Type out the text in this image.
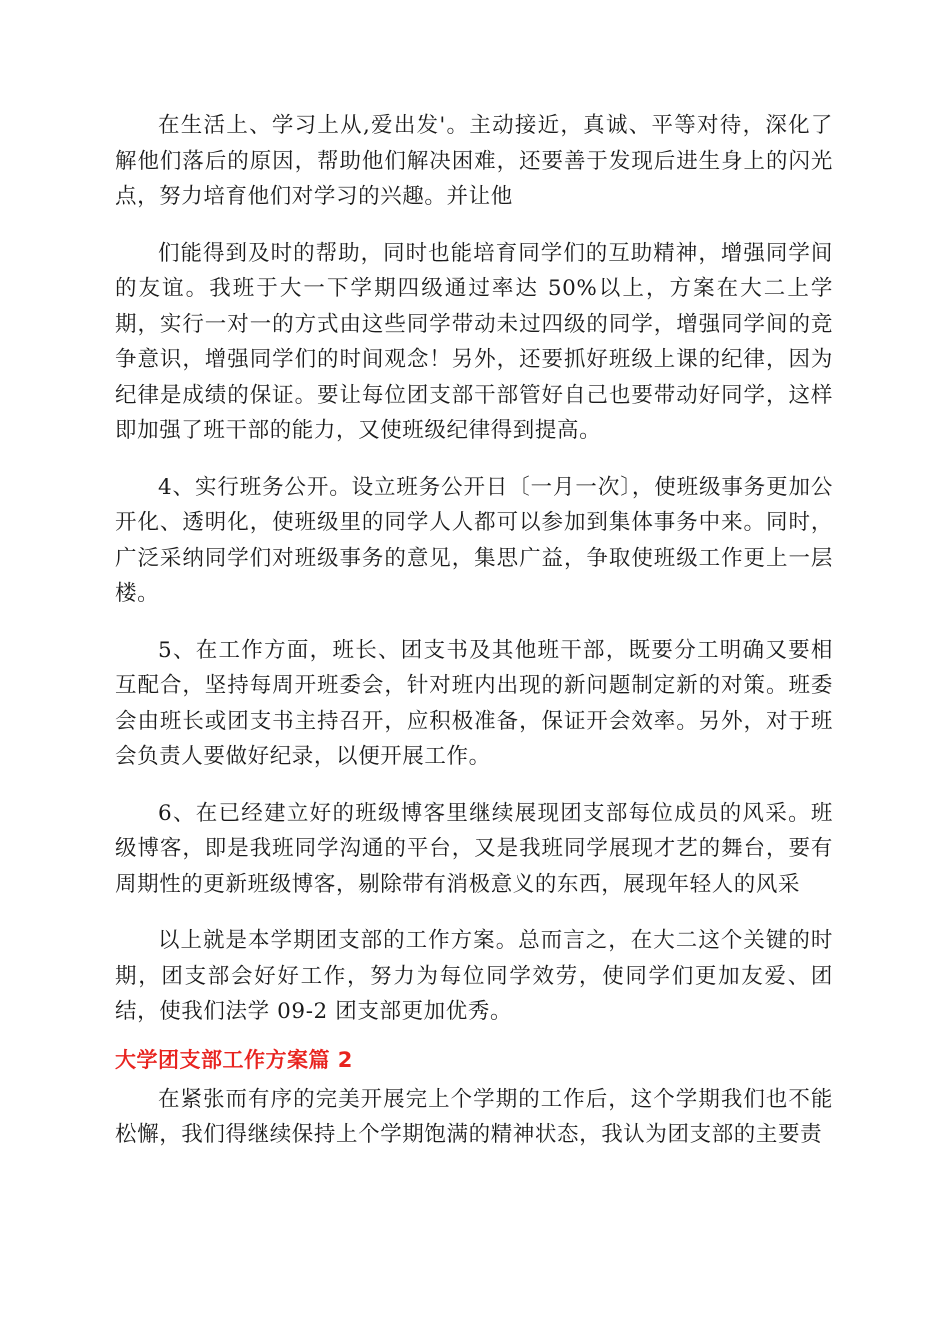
在生活上、学习上从,爱出发'。主动接近，真诚、平等对待，深化了解他们落后的原因，帮助他们解决困难，还要善于发现后进生身上的闪光点，努力培育他们对学习的兴趣。并让他

们能得到及时的帮助，同时也能培育同学们的互助精神，增强同学间的友谊。我班于大一下学期四级通过率达 50%以上，方案在大二上学期，实行一对一的方式由这些同学带动未过四级的同学，增强同学间的竞争意识，增强同学们的时间观念！另外，还要抓好班级上课的纪律，因为纪律是成绩的保证。要让每位团支部干部管好自己也要带动好同学，这样即加强了班干部的能力，又使班级纪律得到提高。

4、实行班务公开。设立班务公开日〔一月一次〕，使班级事务更加公开化、透明化，使班级里的同学人人都可以参加到集体事务中来。同时，广泛采纳同学们对班级事务的意见，集思广益，争取使班级工作更上一层楼。

5、在工作方面，班长、团支书及其他班干部，既要分工明确又要相互配合，坚持每周开班委会，针对班内出现的新问题制定新的对策。班委会由班长或团支书主持召开，应积极准备，保证开会效率。另外，对于班会负责人要做好纪录，以便开展工作。

6、在已经建立好的班级博客里继续展现团支部每位成员的风采。班级博客，即是我班同学沟通的平台，又是我班同学展现才艺的舞台，要有周期性的更新班级博客，剔除带有消极意义的东西，展现年轻人的风采

以上就是本学期团支部的工作方案。总而言之，在大二这个关键的时期，团支部会好好工作，努力为每位同学效劳，使同学们更加友爱、团结，使我们法学 09-2 团支部更加优秀。

大学团支部工作方案篇 2

在紧张而有序的完美开展完上个学期的工作后，这个学期我们也不能松懈，我们得继续保持上个学期饱满的精神状态，我认为团支部的主要责
